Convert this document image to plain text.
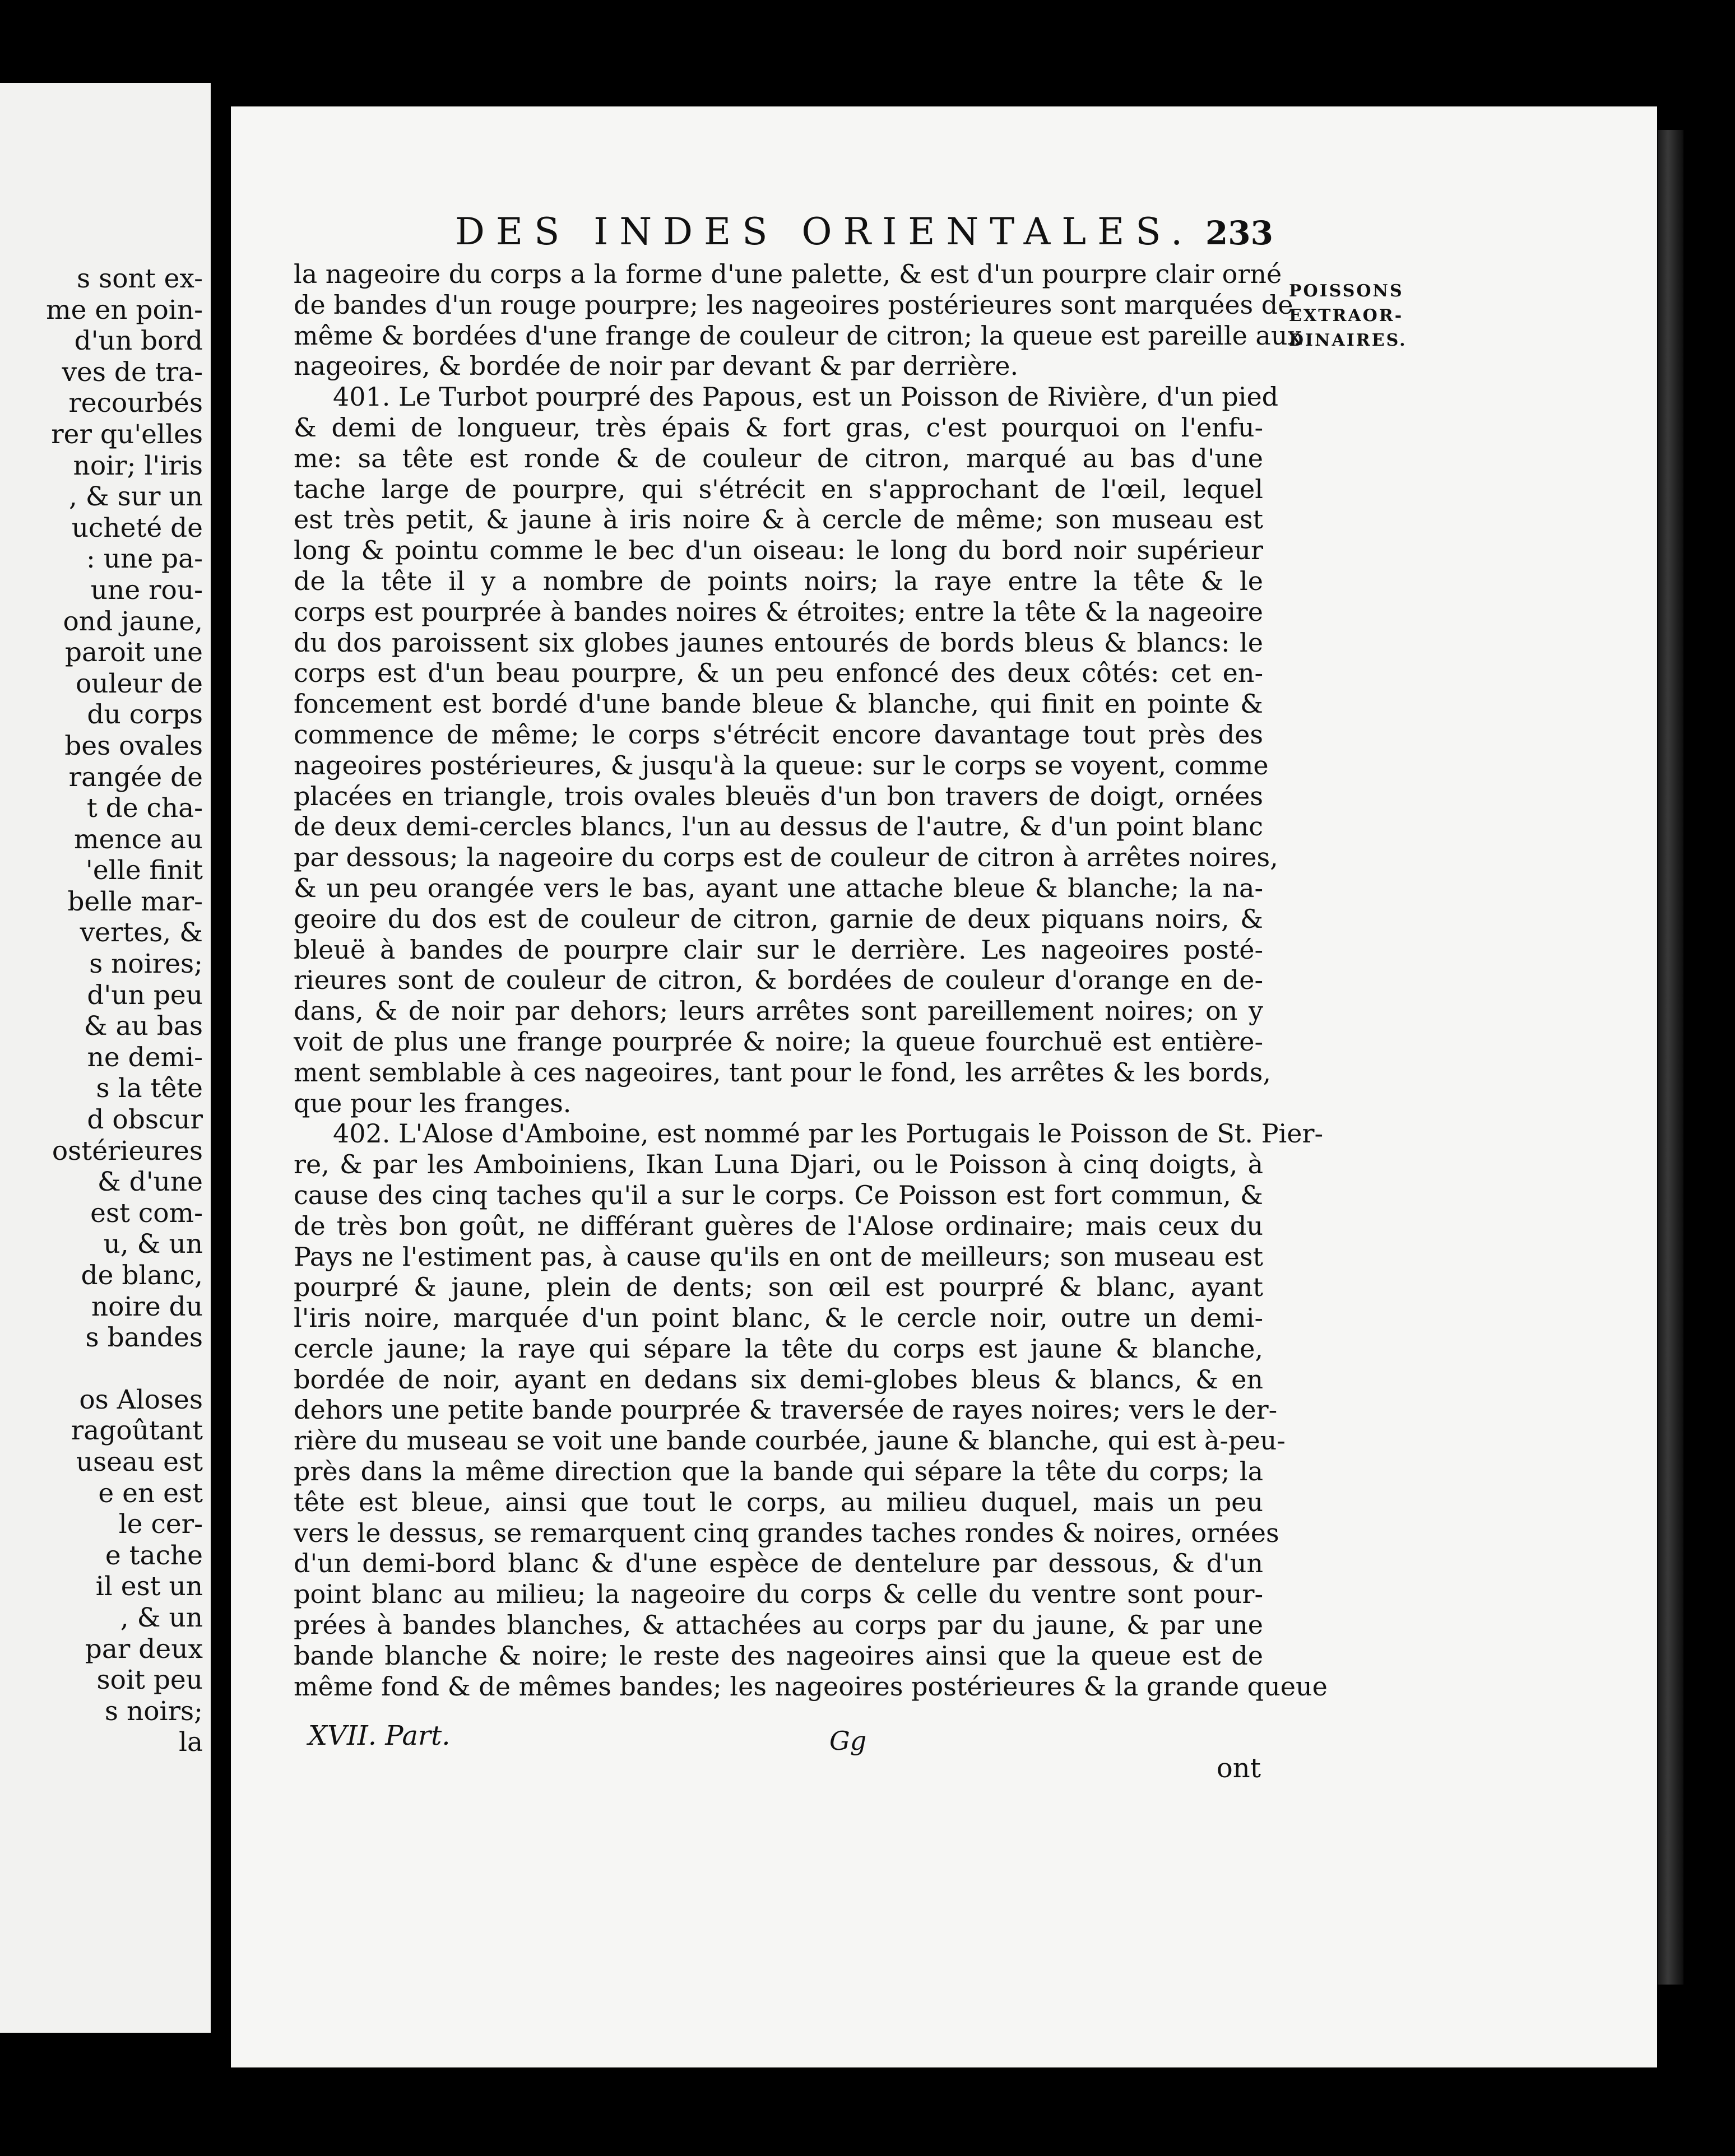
s sont ex-
me en poin-
d'un bord
ves de tra-
recourbés
rer qu'elles
noir; l'iris
, & sur un
ucheté de
: une pa-
une rou-
ond jaune,
paroit une
ouleur de
du corps
bes ovales
rangée de
t de cha-
mence au
'elle finit
belle mar-
vertes, &
s noires;
d'un peu
& au bas
ne demi-
s la tête
d obscur
ostérieures
& d'une
est com-
u, & un
de blanc,
noire du
s bandes

os Aloses
ragoûtant
useau est
e en est
le cer-
e tache
il est un
, & un
par deux
soit peu
s noirs;
la
DES INDES ORIENTALES. 233
POISSONS
EXTRAOR-
DINAIRES.
la nageoire du corps a la forme d'une palette, & est d'un pourpre clair orné
de bandes d'un rouge pourpre; les nageoires postérieures sont marquées de
même & bordées d'une frange de couleur de citron; la queue est pareille aux
nageoires, & bordée de noir par devant & par derrière.
401. Le Turbot pourpré des Papous, est un Poisson de Rivière, d'un pied
& demi de longueur, très épais & fort gras, c'est pourquoi on l'enfu-
me: sa tête est ronde & de couleur de citron, marqué au bas d'une
tache large de pourpre, qui s'étrécit en s'approchant de l'œil, lequel
est très petit, & jaune à iris noire & à cercle de même; son museau est
long & pointu comme le bec d'un oiseau: le long du bord noir supérieur
de la tête il y a nombre de points noirs; la raye entre la tête & le
corps est pourprée à bandes noires & étroites; entre la tête & la nageoire
du dos paroissent six globes jaunes entourés de bords bleus & blancs: le
corps est d'un beau pourpre, & un peu enfoncé des deux côtés: cet en-
foncement est bordé d'une bande bleue & blanche, qui finit en pointe &
commence de même; le corps s'étrécit encore davantage tout près des
nageoires postérieures, & jusqu'à la queue: sur le corps se voyent, comme
placées en triangle, trois ovales bleuës d'un bon travers de doigt, ornées
de deux demi-cercles blancs, l'un au dessus de l'autre, & d'un point blanc
par dessous; la nageoire du corps est de couleur de citron à arrêtes noires,
& un peu orangée vers le bas, ayant une attache bleue & blanche; la na-
geoire du dos est de couleur de citron, garnie de deux piquans noirs, &
bleuë à bandes de pourpre clair sur le derrière. Les nageoires posté-
rieures sont de couleur de citron, & bordées de couleur d'orange en de-
dans, & de noir par dehors; leurs arrêtes sont pareillement noires; on y
voit de plus une frange pourprée & noire; la queue fourchuë est entière-
ment semblable à ces nageoires, tant pour le fond, les arrêtes & les bords,
que pour les franges.
402. L'Alose d'Amboine, est nommé par les Portugais le Poisson de St. Pier-
re, & par les Amboiniens, Ikan Luna Djari, ou le Poisson à cinq doigts, à
cause des cinq taches qu'il a sur le corps. Ce Poisson est fort commun, &
de très bon goût, ne différant guères de l'Alose ordinaire; mais ceux du
Pays ne l'estiment pas, à cause qu'ils en ont de meilleurs; son museau est
pourpré & jaune, plein de dents; son œil est pourpré & blanc, ayant
l'iris noire, marquée d'un point blanc, & le cercle noir, outre un demi-
cercle jaune; la raye qui sépare la tête du corps est jaune & blanche,
bordée de noir, ayant en dedans six demi-globes bleus & blancs, & en
dehors une petite bande pourprée & traversée de rayes noires; vers le der-
rière du museau se voit une bande courbée, jaune & blanche, qui est à-peu-
près dans la même direction que la bande qui sépare la tête du corps; la
tête est bleue, ainsi que tout le corps, au milieu duquel, mais un peu
vers le dessus, se remarquent cinq grandes taches rondes & noires, ornées
d'un demi-bord blanc & d'une espèce de dentelure par dessous, & d'un
point blanc au milieu; la nageoire du corps & celle du ventre sont pour-
prées à bandes blanches, & attachées au corps par du jaune, & par une
bande blanche & noire; le reste des nageoires ainsi que la queue est de
même fond & de mêmes bandes; les nageoires postérieures & la grande queue
XVII. Part.	Gg
ont
